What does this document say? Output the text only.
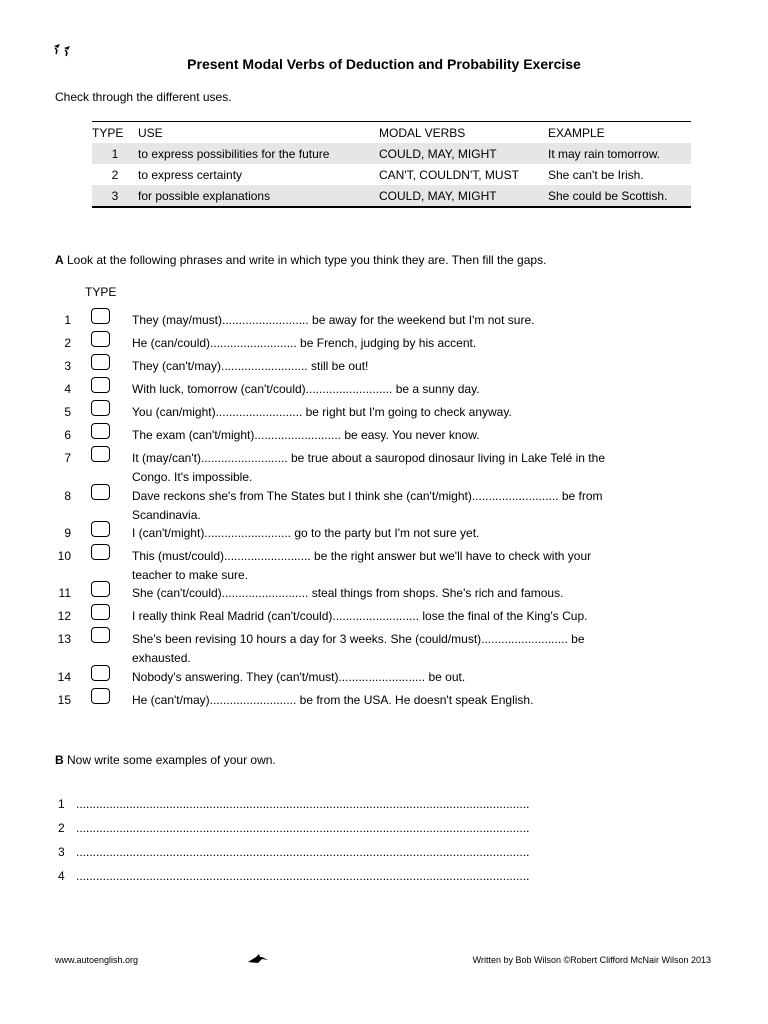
Present Modal Verbs of Deduction and Probability Exercise
Check through the different uses.
TYPE	USE	MODAL VERBS	EXAMPLE
1	to express possibilities for the future	COULD, MAY, MIGHT	It may rain tomorrow.
2	to express certainty	CAN'T, COULDN'T, MUST	She can't be Irish.
3	for possible explanations	COULD, MAY, MIGHT	She could be Scottish.
A Look at the following phrases and write in which type you think they are. Then fill the gaps.
TYPE
1	They (may/must).......................... be away for the weekend but I'm not sure.

2	He (can/could).......................... be French, judging by his accent.

3	They (can't/may).......................... still be out!

4	With luck, tomorrow (can't/could).......................... be a sunny day.

5	You (can/might).......................... be right but I'm going to check anyway.

6	The exam (can't/might).......................... be easy. You never know.

7	It (may/can't).......................... be true about a sauropod dinosaur living in Lake Telé in the
Congo. It's impossible.
8	Dave reckons she's from The States but I think she (can't/might).......................... be from
Scandinavia.
9	I (can't/might).......................... go to the party but I'm not sure yet.

10	This (must/could).......................... be the right answer but we'll have to check with your
teacher to make sure.
11	She (can't/could).......................... steal things from shops. She's rich and famous.

12	I really think Real Madrid (can't/could).......................... lose the final of the King's Cup.

13	She's been revising 10 hours a day for 3 weeks. She (could/must).......................... be
exhausted.
14	Nobody's answering. They (can't/must).......................... be out.

15	He (can't/may).......................... be from the USA. He doesn't speak English.

B Now write some examples of your own.
1 ........................................................................................................................................
2 ........................................................................................................................................
3 ........................................................................................................................................
4 ........................................................................................................................................
www.autoenglish.org	Written by Bob Wilson ©Robert Clifford McNair Wilson 2013
